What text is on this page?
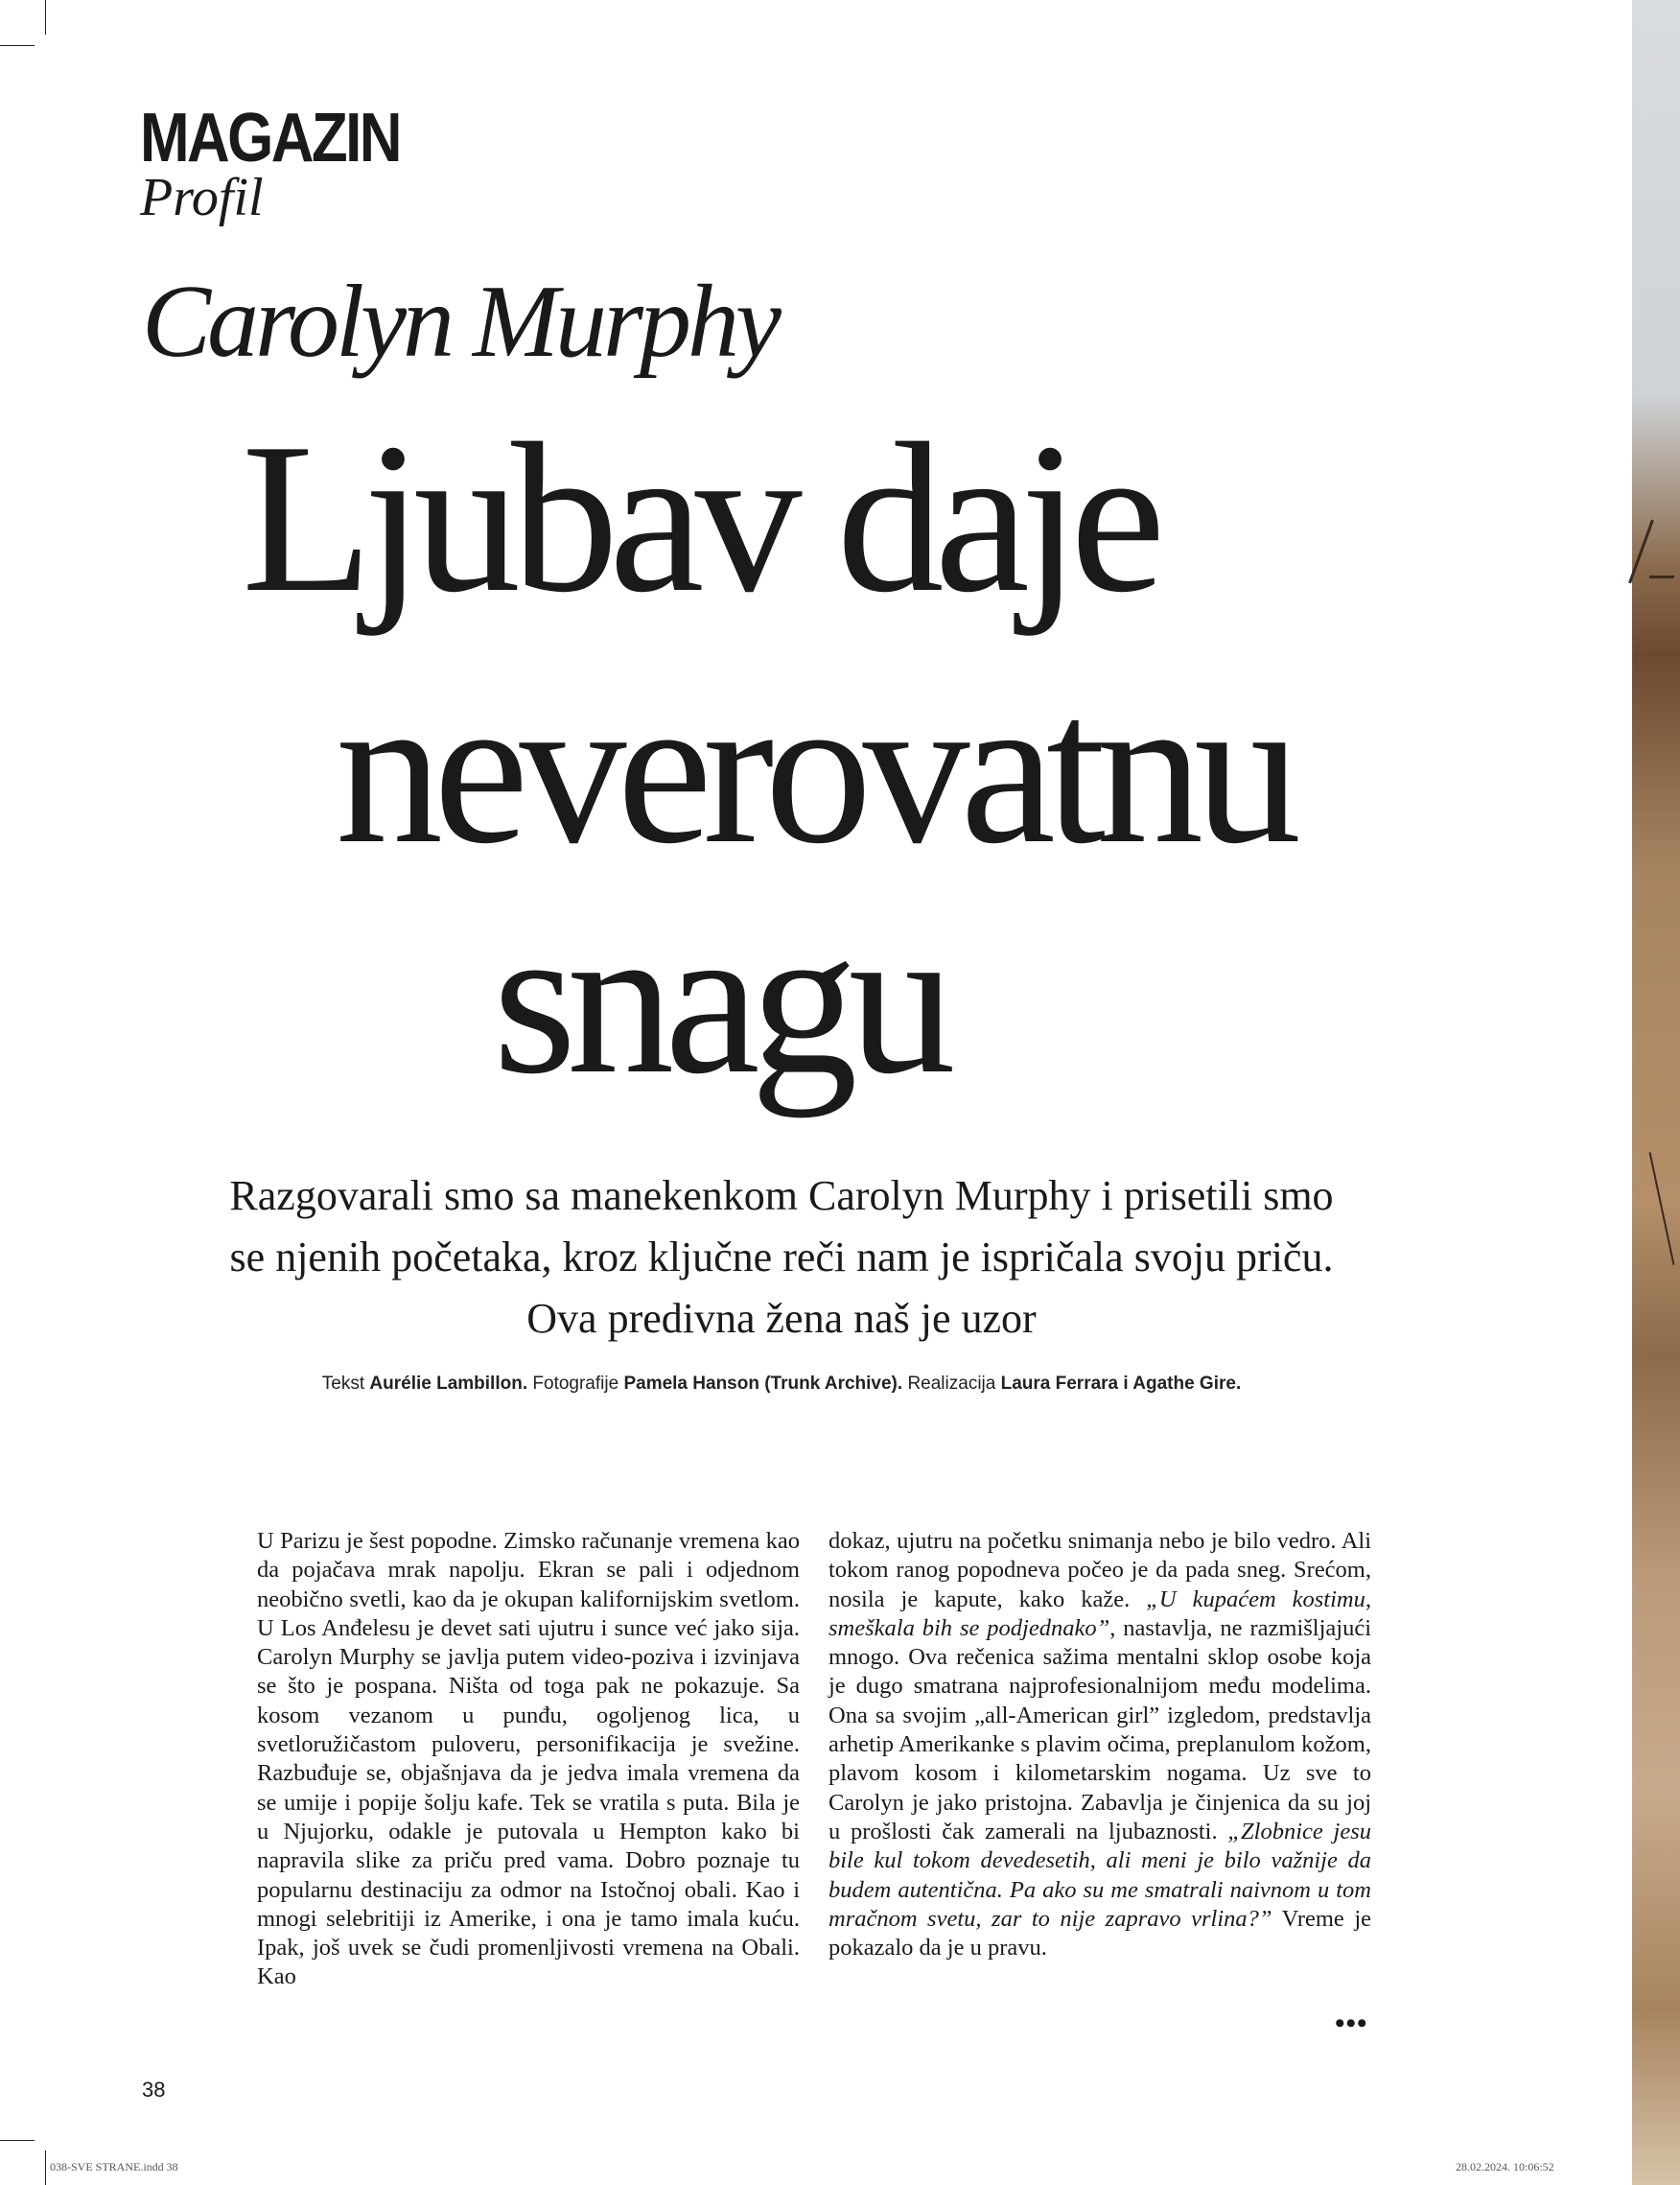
MAGAZIN
Profil
Carolyn Murphy
Ljubav daje
neverovatnu
snagu
Razgovarali smo sa manekenkom Carolyn Murphy i prisetili smo se njenih početaka, kroz ključne reči nam je ispričala svoju priču. Ova predivna žena naš je uzor
Tekst Aurélie Lambillon. Fotografije Pamela Hanson (Trunk Archive). Realizacija Laura Ferrara i Agathe Gire.
U Parizu je šest popodne. Zimsko računanje vremena kao da pojačava mrak napolju. Ekran se pali i odjednom neobično svetli, kao da je okupan kalifornijskim svetlom. U Los Anđelesu je devet sati ujutru i sunce već jako sija. Carolyn Murphy se javlja putem video-poziva i izvinjava se što je pospana. Ništa od toga pak ne pokazuje. Sa kosom vezanom u punđu, ogoljenog lica, u svetloružičastom puloveru, personifikacija je svežine. Razbuđuje se, objašnjava da je jedva imala vremena da se umije i popije šolju kafe. Tek se vratila s puta. Bila je u Njujorku, odakle je putovala u Hempton kako bi napravila slike za priču pred vama. Dobro poznaje tu popularnu destinaciju za odmor na Istočnoj obali. Kao i mnogi selebritiji iz Amerike, i ona je tamo imala kuću. Ipak, još uvek se čudi promenljivosti vremena na Obali. Kao
dokaz, ujutru na početku snimanja nebo je bilo vedro. Ali tokom ranog popodneva počeo je da pada sneg. Srećom, nosila je kapute, kako kaže. „U kupaćem kostimu, smeškala bih se podjednako”, nastavlja, ne razmišljajući mnogo. Ova rečenica sažima mentalni sklop osobe koja je dugo smatrana najprofesionalnijom među modelima. Ona sa svojim „all-American girl” izgledom, predstavlja arhetip Amerikanke s plavim očima, preplanulom kožom, plavom kosom i kilometarskim nogama. Uz sve to Carolyn je jako pristojna. Zabavlja je činjenica da su joj u prošlosti čak zamerali na ljubaznosti. „Zlobnice jesu bile kul tokom devedesetih, ali meni je bilo važnije da budem autentična. Pa ako su me smatrali naivnom u tom mračnom svetu, zar to nije zapravo vrlina?” Vreme je pokazalo da je u pravu.
•••
38
038-SVE STRANE.indd 38	28.02.2024. 10:06:52
